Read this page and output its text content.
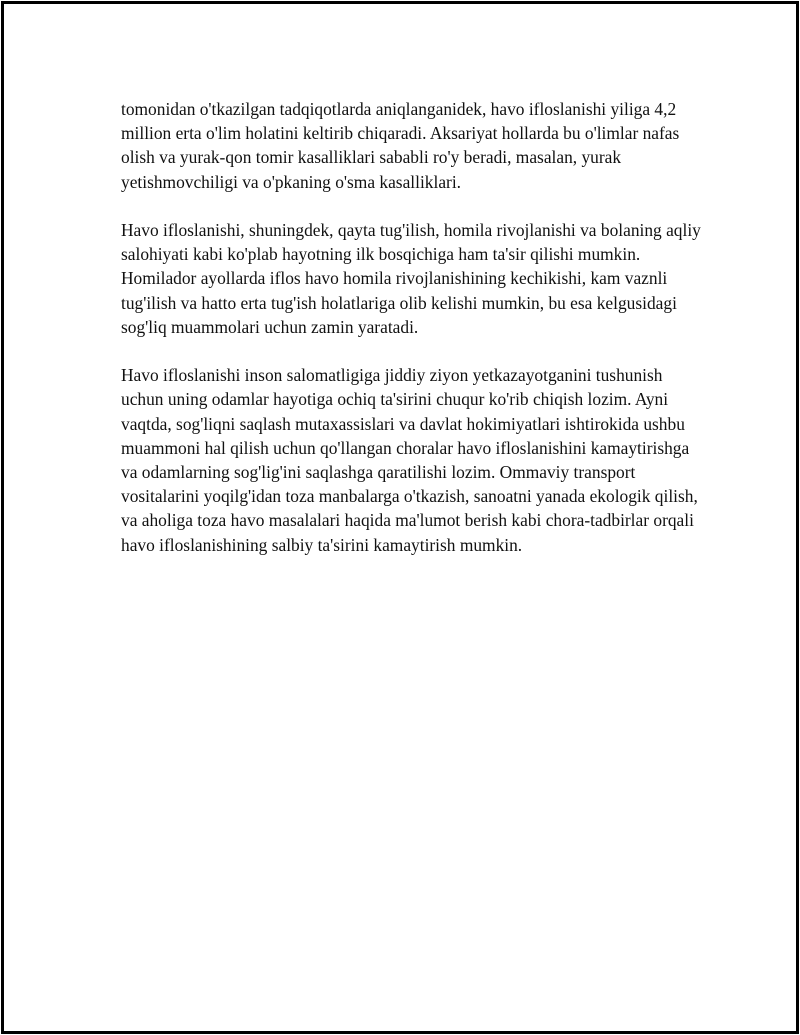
tomonidan o'tkazilgan tadqiqotlarda aniqlanganidek, havo ifloslanishi yiliga 4,2 million erta o'lim holatini keltirib chiqaradi. Aksariyat hollarda bu o'limlar nafas olish va yurak-qon tomir kasalliklari sababli ro'y beradi, masalan, yurak yetishmovchiligi va o'pkaning o'sma kasalliklari.

Havo ifloslanishi, shuningdek, qayta tug'ilish, homila rivojlanishi va bolaning aqliy salohiyati kabi ko'plab hayotning ilk bosqichiga ham ta'sir qilishi mumkin. Homilador ayollarda iflos havo homila rivojlanishining kechikishi, kam vaznli tug'ilish va hatto erta tug'ish holatlariga olib kelishi mumkin, bu esa kelgusidagi sog'liq muammolari uchun zamin yaratadi.

Havo ifloslanishi inson salomatligiga jiddiy ziyon yetkazayotganini tushunish uchun uning odamlar hayotiga ochiq ta'sirini chuqur ko'rib chiqish lozim. Ayni vaqtda, sog'liqni saqlash mutaxassislari va davlat hokimiyatlari ishtirokida ushbu muammoni hal qilish uchun qo'llangan choralar havo ifloslanishini kamaytirishga va odamlarning sog'lig'ini saqlashga qaratilishi lozim. Ommaviy transport vositalarini yoqilg'idan toza manbalarga o'tkazish, sanoatni yanada ekologik qilish, va aholiga toza havo masalalari haqida ma'lumot berish kabi chora-tadbirlar orqali havo ifloslanishining salbiy ta'sirini kamaytirish mumkin.
